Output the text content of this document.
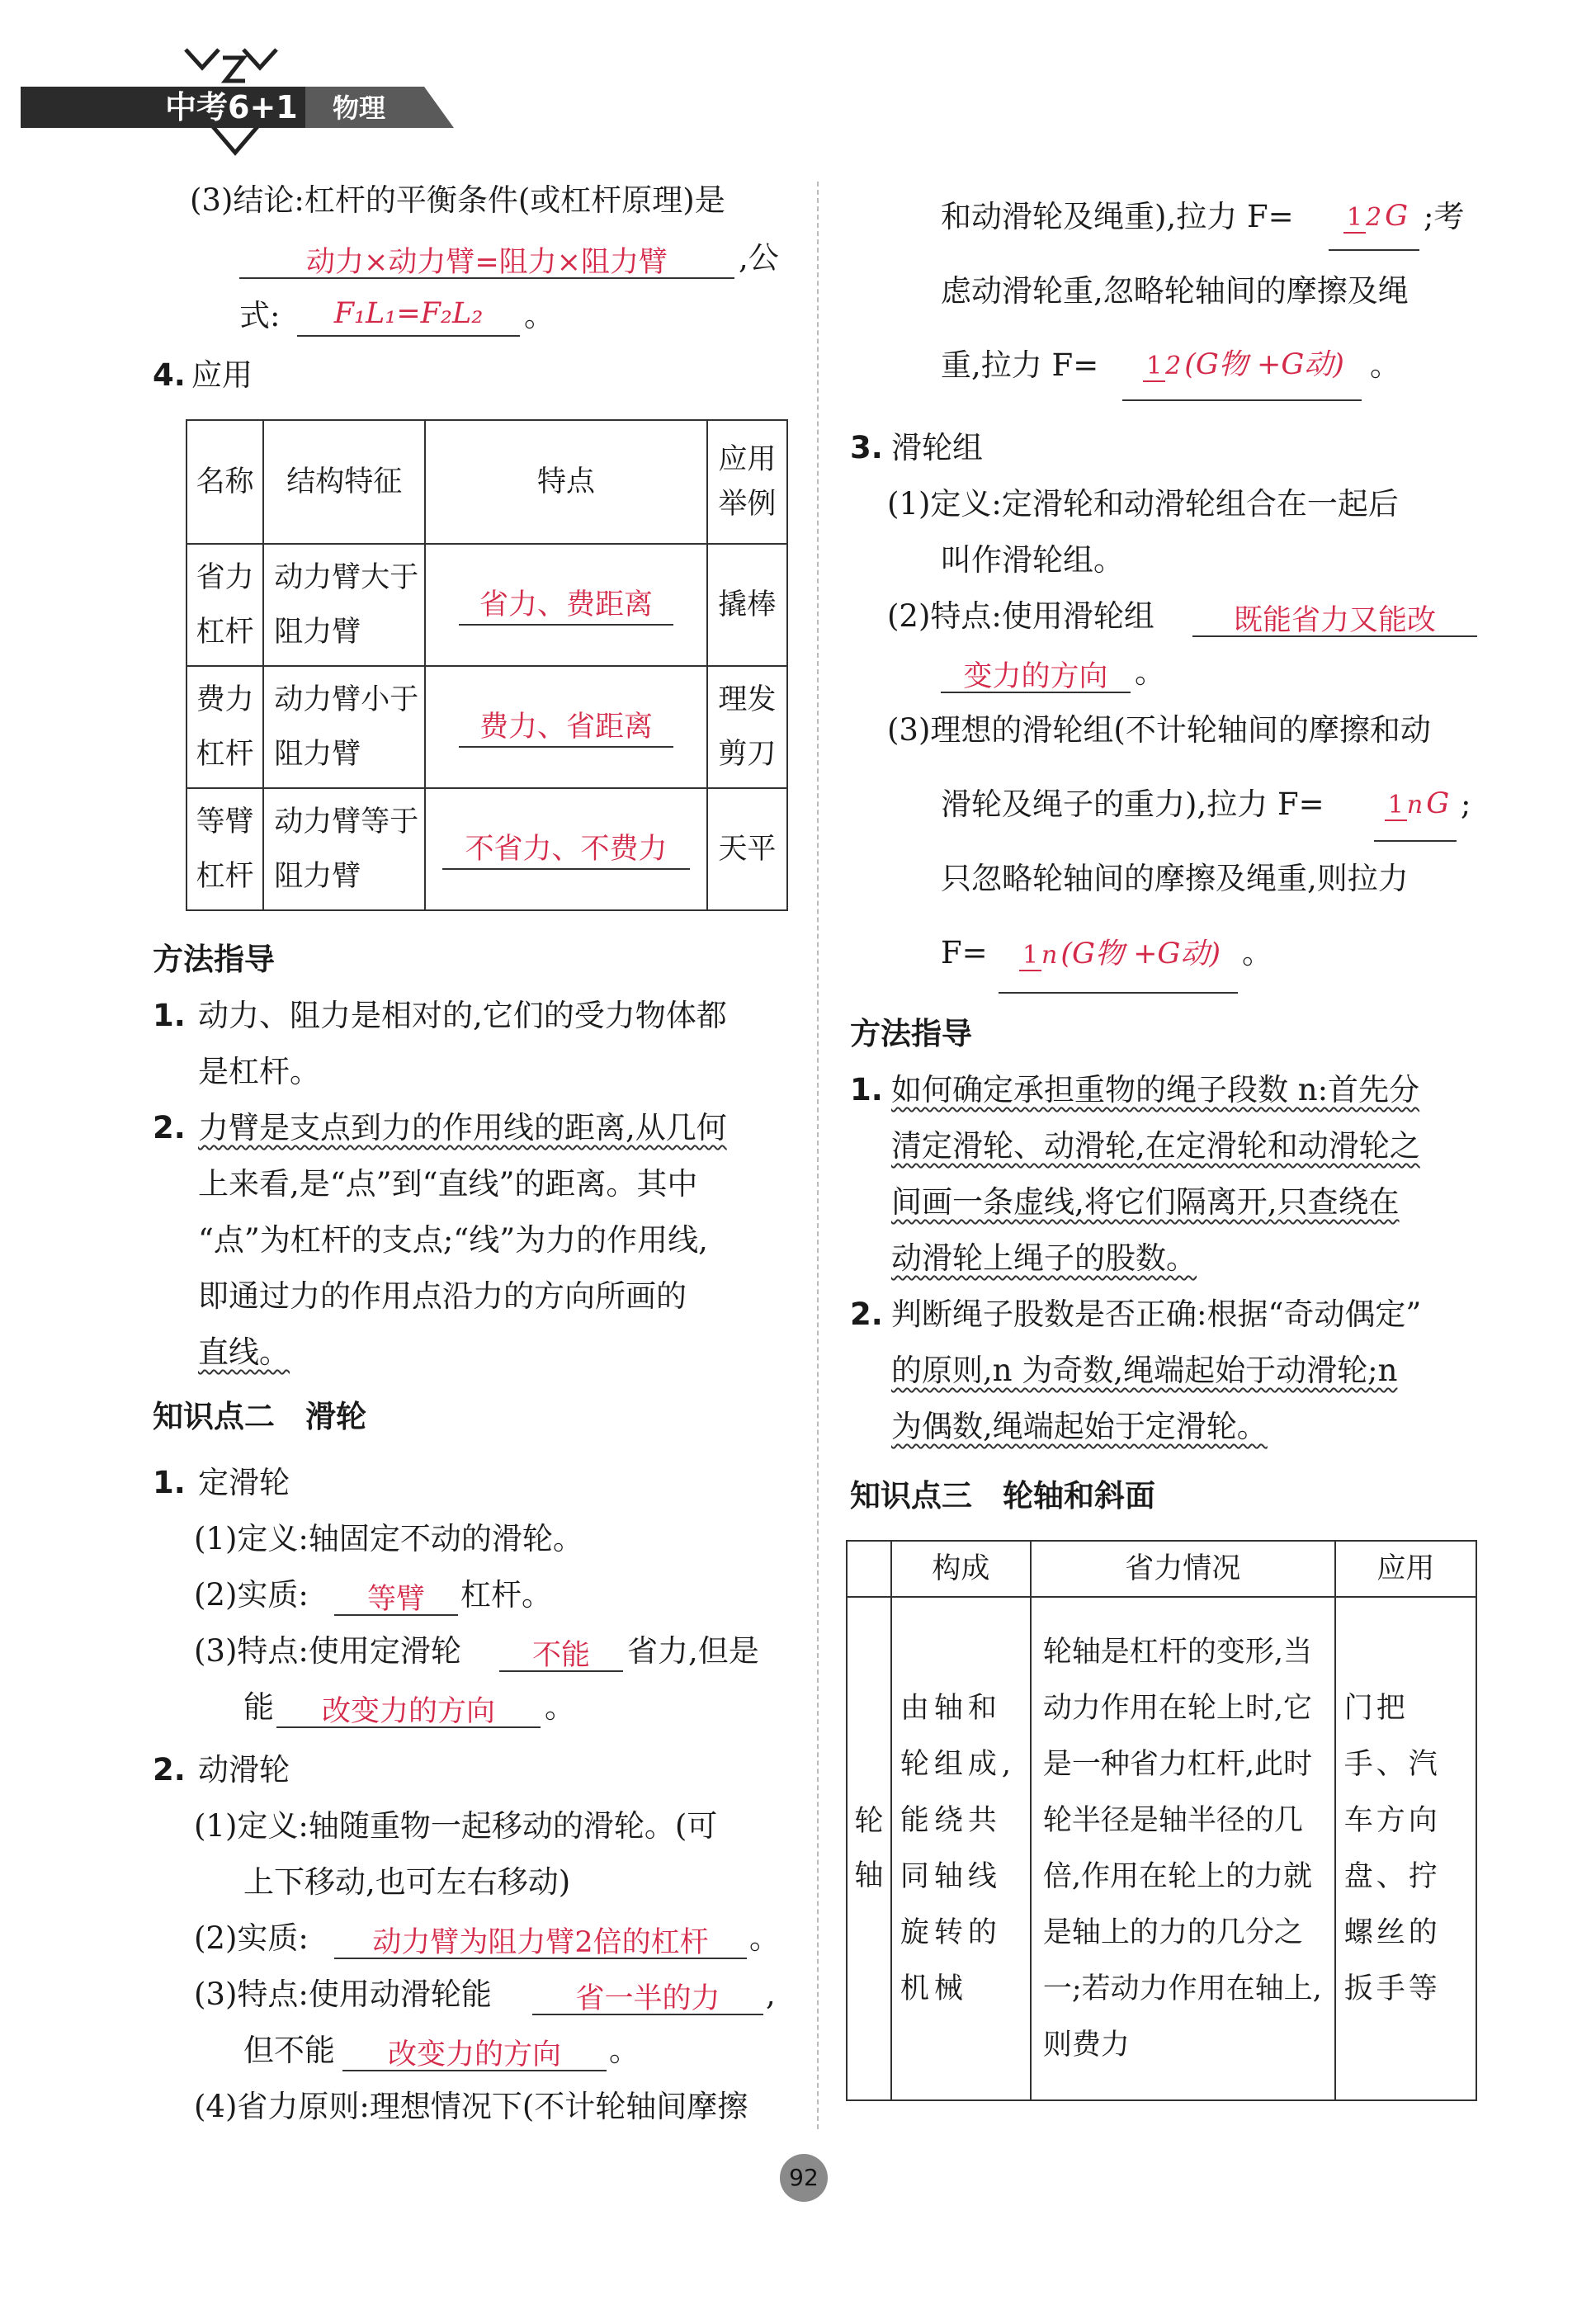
中考6+1 物理
(3)结论:杠杆的平衡条件(或杠杆原理)是
动力×动力臂=阻力×阻力臂	,公
式:	F₁L₁=F₂L₂	。
4. 应用
名称	结构特征	特点	应用举例

省力杠杆	动力臂大于阻力臂	省力、费距离	撬棒

费力杠杆	动力臂小于阻力臂	费力、省距离	理发剪刀

等臂杠杆	动力臂等于阻力臂	不省力、不费力	天平
方法指导
1. 动力、阻力是相对的,它们的受力物体都
是杠杆。
2. 力臂是支点到力的作用线的距离,从几何
上来看,是“点”到“直线”的距离。其中
“点”为杠杆的支点;“线”为力的作用线,
即通过力的作用点沿力的方向所画的
直线。
知识点二　滑轮
1. 定滑轮
(1)定义:轴固定不动的滑轮。
(2)实质:	等臂	杠杆。
(3)特点:使用定滑轮	不能	省力,但是
能	改变力的方向	。
2. 动滑轮
(1)定义:轴随重物一起移动的滑轮。(可
上下移动,也可左右移动)
(2)实质:	动力臂为阻力臂2倍的杠杆	。
(3)特点:使用动滑轮能	省一半的力	,
但不能	改变力的方向	。
(4)省力原则:理想情况下(不计轮轴间摩擦
和动滑轮及绳重),拉力 F=	1 2 G ;考
虑动滑轮重,忽略轮轴间的摩擦及绳
重,拉力 F=	1 2 (G物 +G动) 。
3. 滑轮组
(1)定义:定滑轮和动滑轮组合在一起后
叫作滑轮组。
(2)特点:使用滑轮组	既能省力又能改
变力的方向 。
(3)理想的滑轮组(不计轮轴间的摩擦和动
滑轮及绳子的重力),拉力 F=	1 n G ;
只忽略轮轴间的摩擦及绳重,则拉力
F=	1 n (G物 +G动) 。
方法指导
1. 如何确定承担重物的绳子段数 n:首先分
清定滑轮、动滑轮,在定滑轮和动滑轮之
间画一条虚线,将它们隔离开,只查绕在
动滑轮上绳子的股数。
2. 判断绳子股数是否正确:根据“奇动偶定”
的原则,n 为奇数,绳端起始于动滑轮;n
为偶数,绳端起始于定滑轮。
知识点三　轮轴和斜面
	构成	省力情况	应用

轮轴	由轴和轮组成,能绕共同轴线旋转的机械	轮轴是杠杆的变形,当动力作用在轮上时,它是一种省力杠杆,此时轮半径是轴半径的几倍,作用在轮上的力就是轴上的力的几分之一;若动力作用在轴上,则费力	门把手、汽车方向盘、拧螺丝的扳手等
92
